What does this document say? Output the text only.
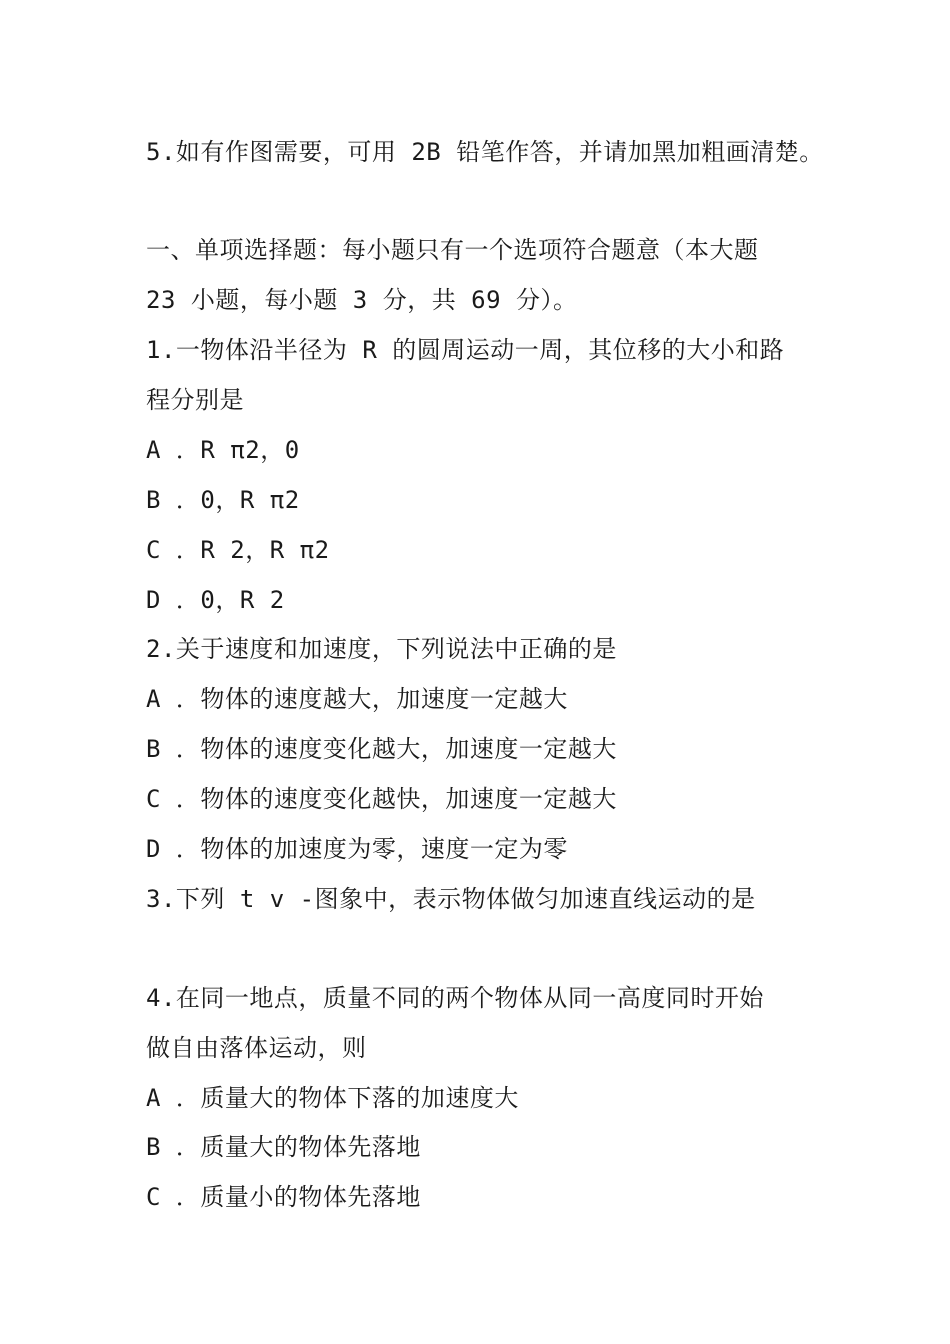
5.如有作图需要，可用 2B 铅笔作答，并请加黑加粗画清楚。
一、单项选择题：每小题只有一个选项符合题意（本大题
23 小题，每小题 3 分，共 69 分）。
1.一物体沿半径为 R 的圆周运动一周，其位移的大小和路
程分别是
A ．R π2，0
B ．0，R π2
C ．R 2，R π2
D ．0，R 2
2.关于速度和加速度，下列说法中正确的是
A ．物体的速度越大，加速度一定越大
B ．物体的速度变化越大，加速度一定越大
C ．物体的速度变化越快，加速度一定越大
D ．物体的加速度为零，速度一定为零
3.下列 t v -图象中，表示物体做匀加速直线运动的是
4.在同一地点，质量不同的两个物体从同一高度同时开始
做自由落体运动，则
A ．质量大的物体下落的加速度大
B ．质量大的物体先落地
C ．质量小的物体先落地
